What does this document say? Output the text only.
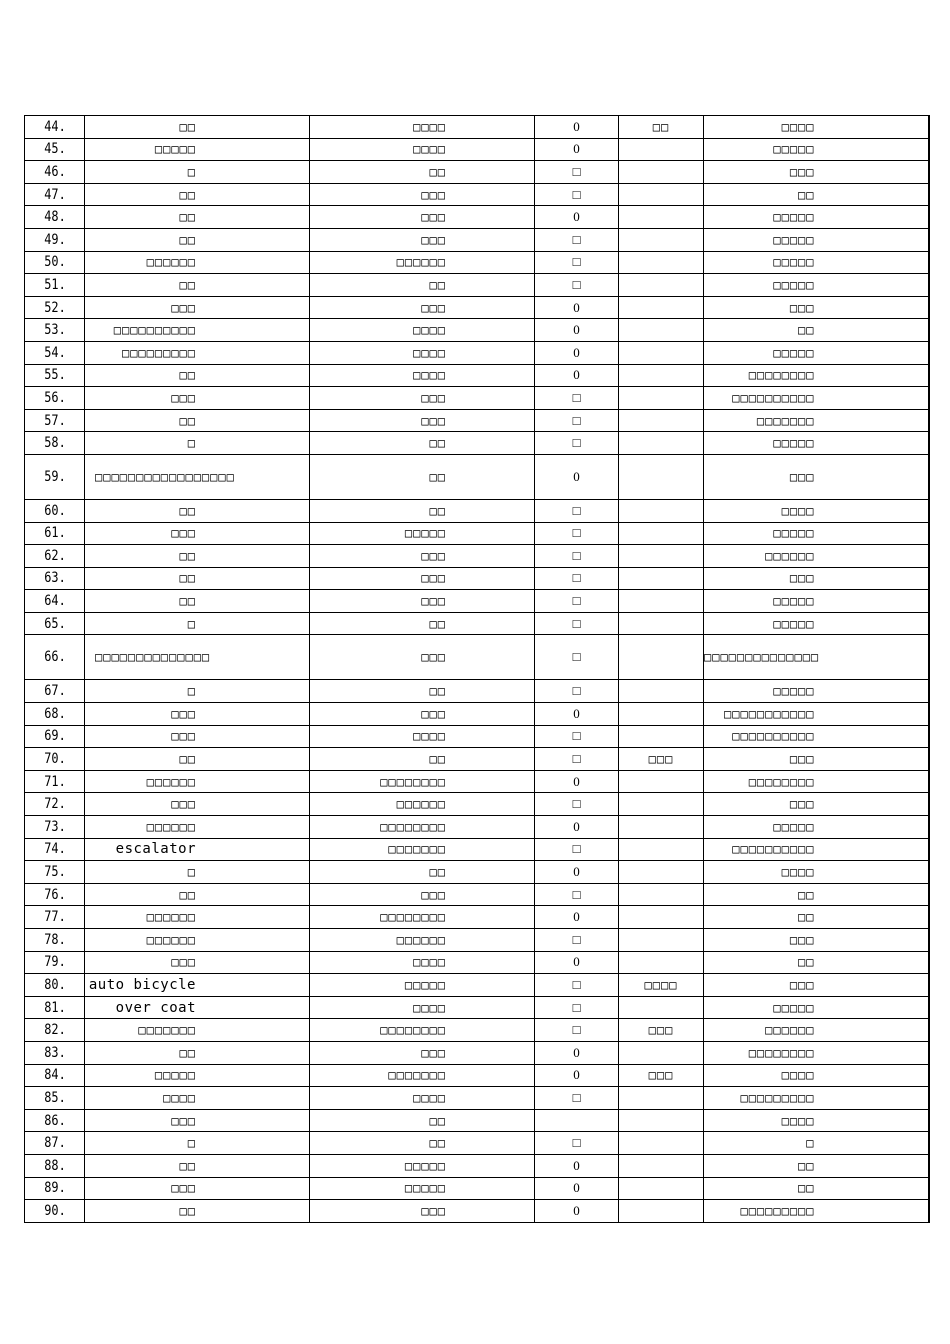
44.	□□	□□□□	0	□□	□□□□
45.	□□□□□	□□□□	0		□□□□□
46.	□	□□	□		□□□
47.	□□	□□□	□		□□
48.	□□	□□□	0		□□□□□
49.	□□	□□□	□		□□□□□
50.	□□□□□□	□□□□□□	□		□□□□□
51.	□□	□□	□		□□□□□
52.	□□□	□□□	0		□□□
53.	□□□□□□□□□□	□□□□	0		□□
54.	□□□□□□□□□	□□□□	0		□□□□□
55.	□□	□□□□	0		□□□□□□□□
56.	□□□	□□□	□		□□□□□□□□□□
57.	□□	□□□	□		□□□□□□□
58.	□	□□	□		□□□□□
59.	□□□□□□□□□□□□□□□□□	□□	0		□□□
60.	□□	□□	□		□□□□
61.	□□□	□□□□□	□		□□□□□
62.	□□	□□□	□		□□□□□□
63.	□□	□□□	□		□□□
64.	□□	□□□	□		□□□□□
65.	□	□□	□		□□□□□
66.	□□□□□□□□□□□□□□	□□□	□		□□□□□□□□□□□□□□
67.	□	□□	□		□□□□□
68.	□□□	□□□	0		□□□□□□□□□□□
69.	□□□	□□□□	□		□□□□□□□□□□
70.	□□	□□	□	□□□	□□□
71.	□□□□□□	□□□□□□□□	0		□□□□□□□□
72.	□□□	□□□□□□	□		□□□
73.	□□□□□□	□□□□□□□□	0		□□□□□
74.	escalator	□□□□□□□	□		□□□□□□□□□□
75.	□	□□	0		□□□□
76.	□□	□□□	□		□□
77.	□□□□□□	□□□□□□□□	0		□□
78.	□□□□□□	□□□□□□	□		□□□
79.	□□□	□□□□	0		□□
80.	auto bicycle	□□□□□	□	□□□□	□□□
81.	over coat	□□□□	□		□□□□□
82.	□□□□□□□	□□□□□□□□	□	□□□	□□□□□□
83.	□□	□□□	0		□□□□□□□□
84.	□□□□□	□□□□□□□	0	□□□	□□□□
85.	□□□□	□□□□	□		□□□□□□□□□
86.	□□□	□□			□□□□
87.	□	□□	□		□
88.	□□	□□□□□	0		□□
89.	□□□	□□□□□	0		□□
90.	□□	□□□	0		□□□□□□□□□
